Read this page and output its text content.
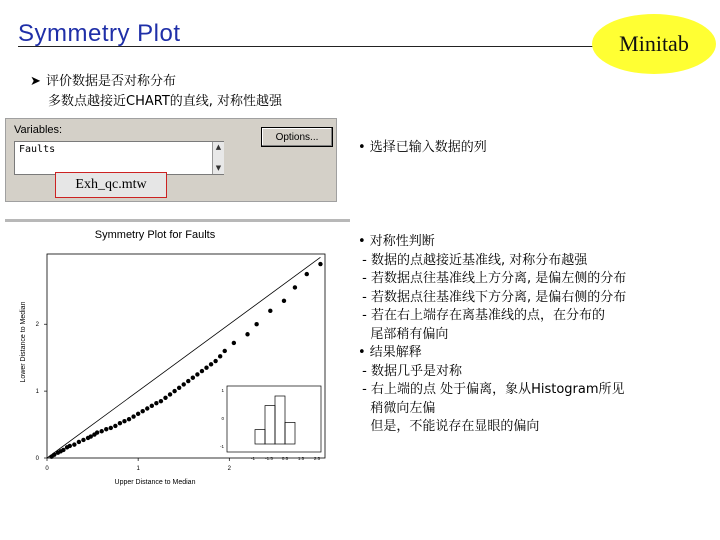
Symmetry Plot	Minitab
➤ 评价数据是否对称分布
多数点越接近CHART的直线, 对称性越强
Variables:
Faults	▲
▼
Options...
Exh_qc.mtw
• 选择已输入数据的列
• 对称性判断
- 数据的点越接近基准线, 对称分布越强
- 若数据点往基准线上方分离, 是偏左侧的分布
- 若数据点往基准线下方分离, 是偏右侧的分布
- 若在右上端存在离基准线的点，在分布的
尾部稍有偏向
• 结果解释
- 数据几乎是对称
- 右上端的点 处于偏离，象从Histogram所见
稍微向左偏
但是，不能说存在显眼的偏向
Symmetry Plot for Faults
Upper Distance to Median
Lower Distance to Median
0	1	2
0
1
2
-1 -1.5 0.5 1.5 2.5
1
0
-1
